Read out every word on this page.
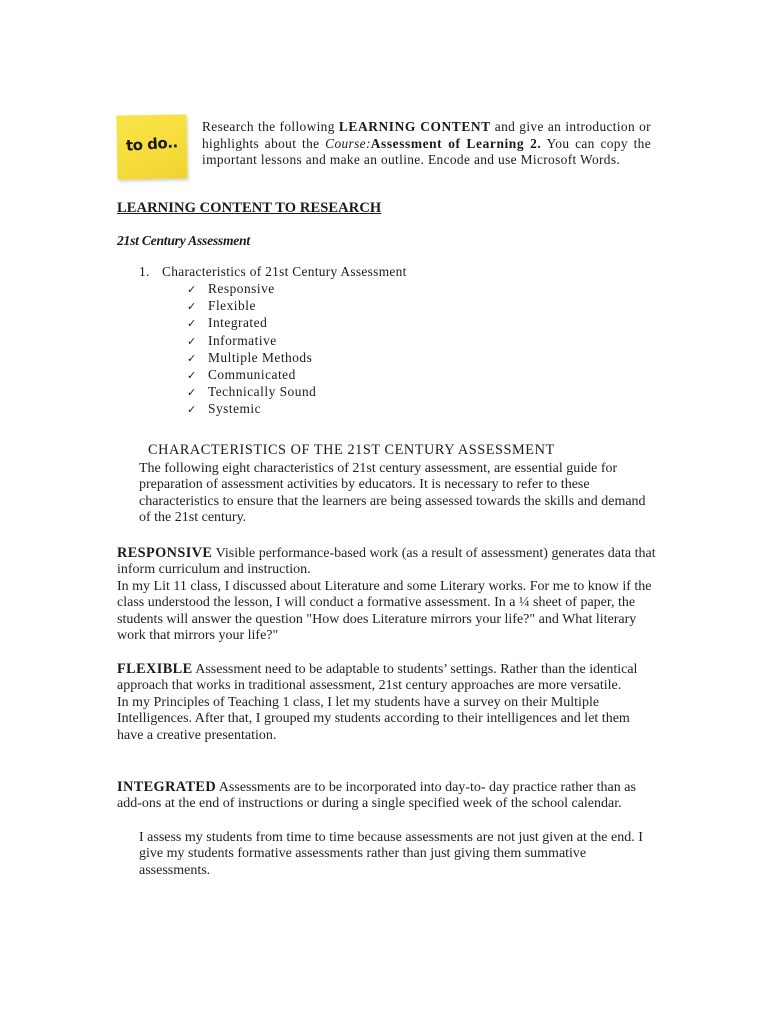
to do..
Research the following LEARNING CONTENT and give an introduction or highlights about the Course:Assessment of Learning 2. You can copy the important lessons and make an outline. Encode and use Microsoft Words.
LEARNING CONTENT TO RESEARCH
21st Century Assessment
1. Characteristics of 21st Century Assessment
✓ Responsive
✓ Flexible
✓ Integrated
✓ Informative
✓ Multiple Methods
✓ Communicated
✓ Technically Sound
✓ Systemic
CHARACTERISTICS OF THE 21ST CENTURY ASSESSMENT
The following eight characteristics of 21st century assessment, are essential guide for preparation of assessment activities by educators. It is necessary to refer to these characteristics to ensure that the learners are being assessed towards the skills and demand of the 21st century.
RESPONSIVE Visible performance-based work (as a result of assessment) generates data that inform curriculum and instruction.
In my Lit 11 class, I discussed about Literature and some Literary works. For me to know if the class understood the lesson, I will conduct a formative assessment. In a ¼ sheet of paper, the students will answer the question "How does Literature mirrors your life?" and What literary work that mirrors your life?"
FLEXIBLE Assessment need to be adaptable to students’ settings. Rather than the identical approach that works in traditional assessment, 21st century approaches are more versatile.
In my Principles of Teaching 1 class, I let my students have a survey on their Multiple Intelligences. After that, I grouped my students according to their intelligences and let them have a creative presentation.
INTEGRATED Assessments are to be incorporated into day-to- day practice rather than as add-ons at the end of instructions or during a single specified week of the school calendar.
I assess my students from time to time because assessments are not just given at the end. I give my students formative assessments rather than just giving them summative assessments.
